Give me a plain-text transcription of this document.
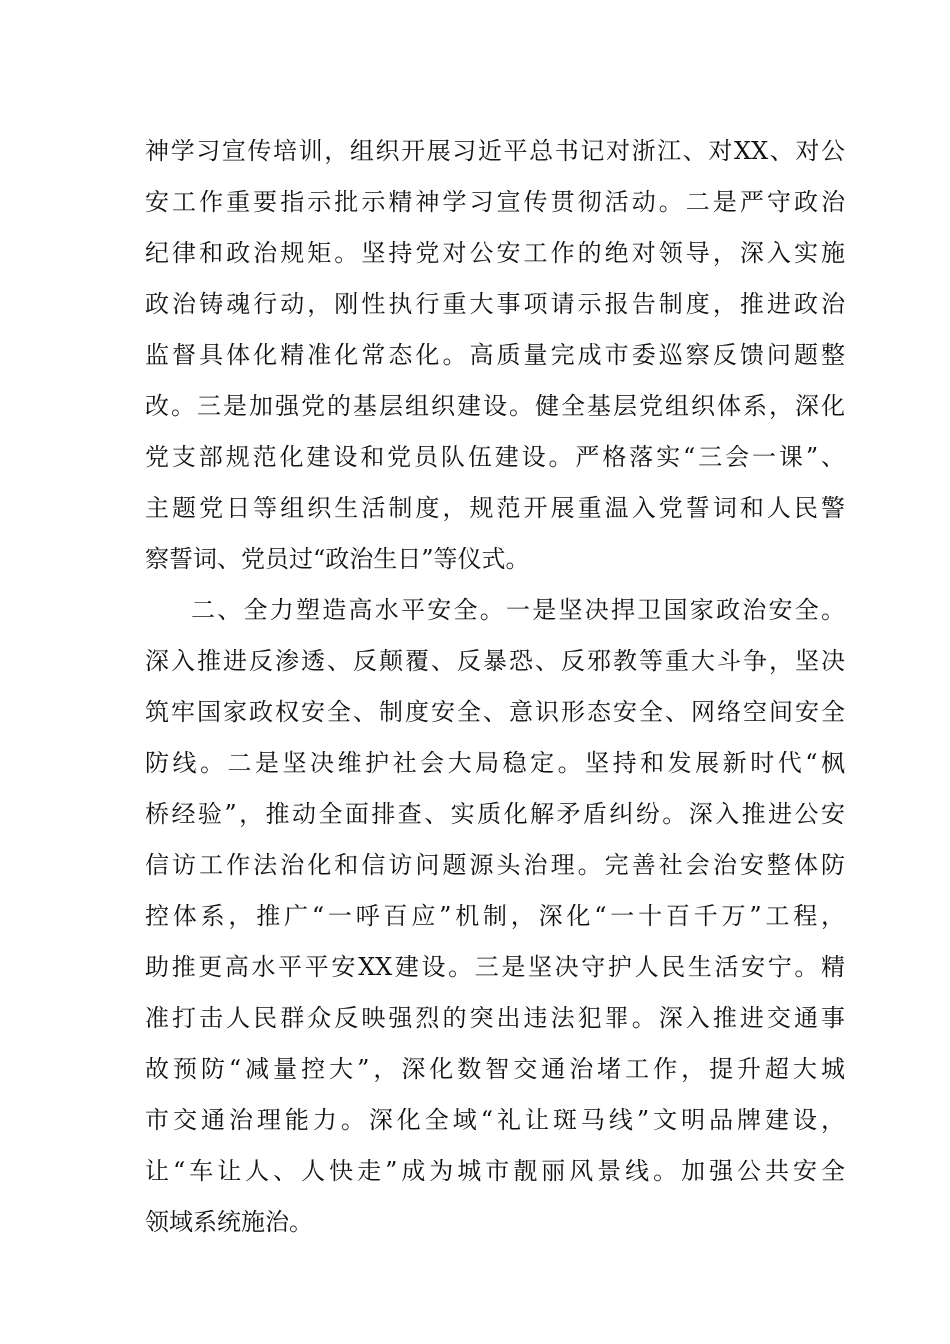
神学习宣传培训，组织开展习近平总书记对浙江、对XX、对公
安工作重要指示批示精神学习宣传贯彻活动。二是严守政治
纪律和政治规矩。坚持党对公安工作的绝对领导，深入实施
政治铸魂行动，刚性执行重大事项请示报告制度，推进政治
监督具体化精准化常态化。高质量完成市委巡察反馈问题整
改。三是加强党的基层组织建设。健全基层党组织体系，深化
党支部规范化建设和党员队伍建设。严格落实“三会一课”、
主题党日等组织生活制度，规范开展重温入党誓词和人民警
察誓词、党员过“政治生日”等仪式。
二、全力塑造高水平安全。一是坚决捍卫国家政治安全。
深入推进反渗透、反颠覆、反暴恐、反邪教等重大斗争，坚决
筑牢国家政权安全、制度安全、意识形态安全、网络空间安全
防线。二是坚决维护社会大局稳定。坚持和发展新时代“枫
桥经验”，推动全面排查、实质化解矛盾纠纷。深入推进公安
信访工作法治化和信访问题源头治理。完善社会治安整体防
控体系，推广“一呼百应”机制，深化“一十百千万”工程，
助推更高水平平安XX建设。三是坚决守护人民生活安宁。精
准打击人民群众反映强烈的突出违法犯罪。深入推进交通事
故预防“减量控大”，深化数智交通治堵工作，提升超大城
市交通治理能力。深化全域“礼让斑马线”文明品牌建设，
让“车让人、人快走”成为城市靓丽风景线。加强公共安全
领域系统施治。
